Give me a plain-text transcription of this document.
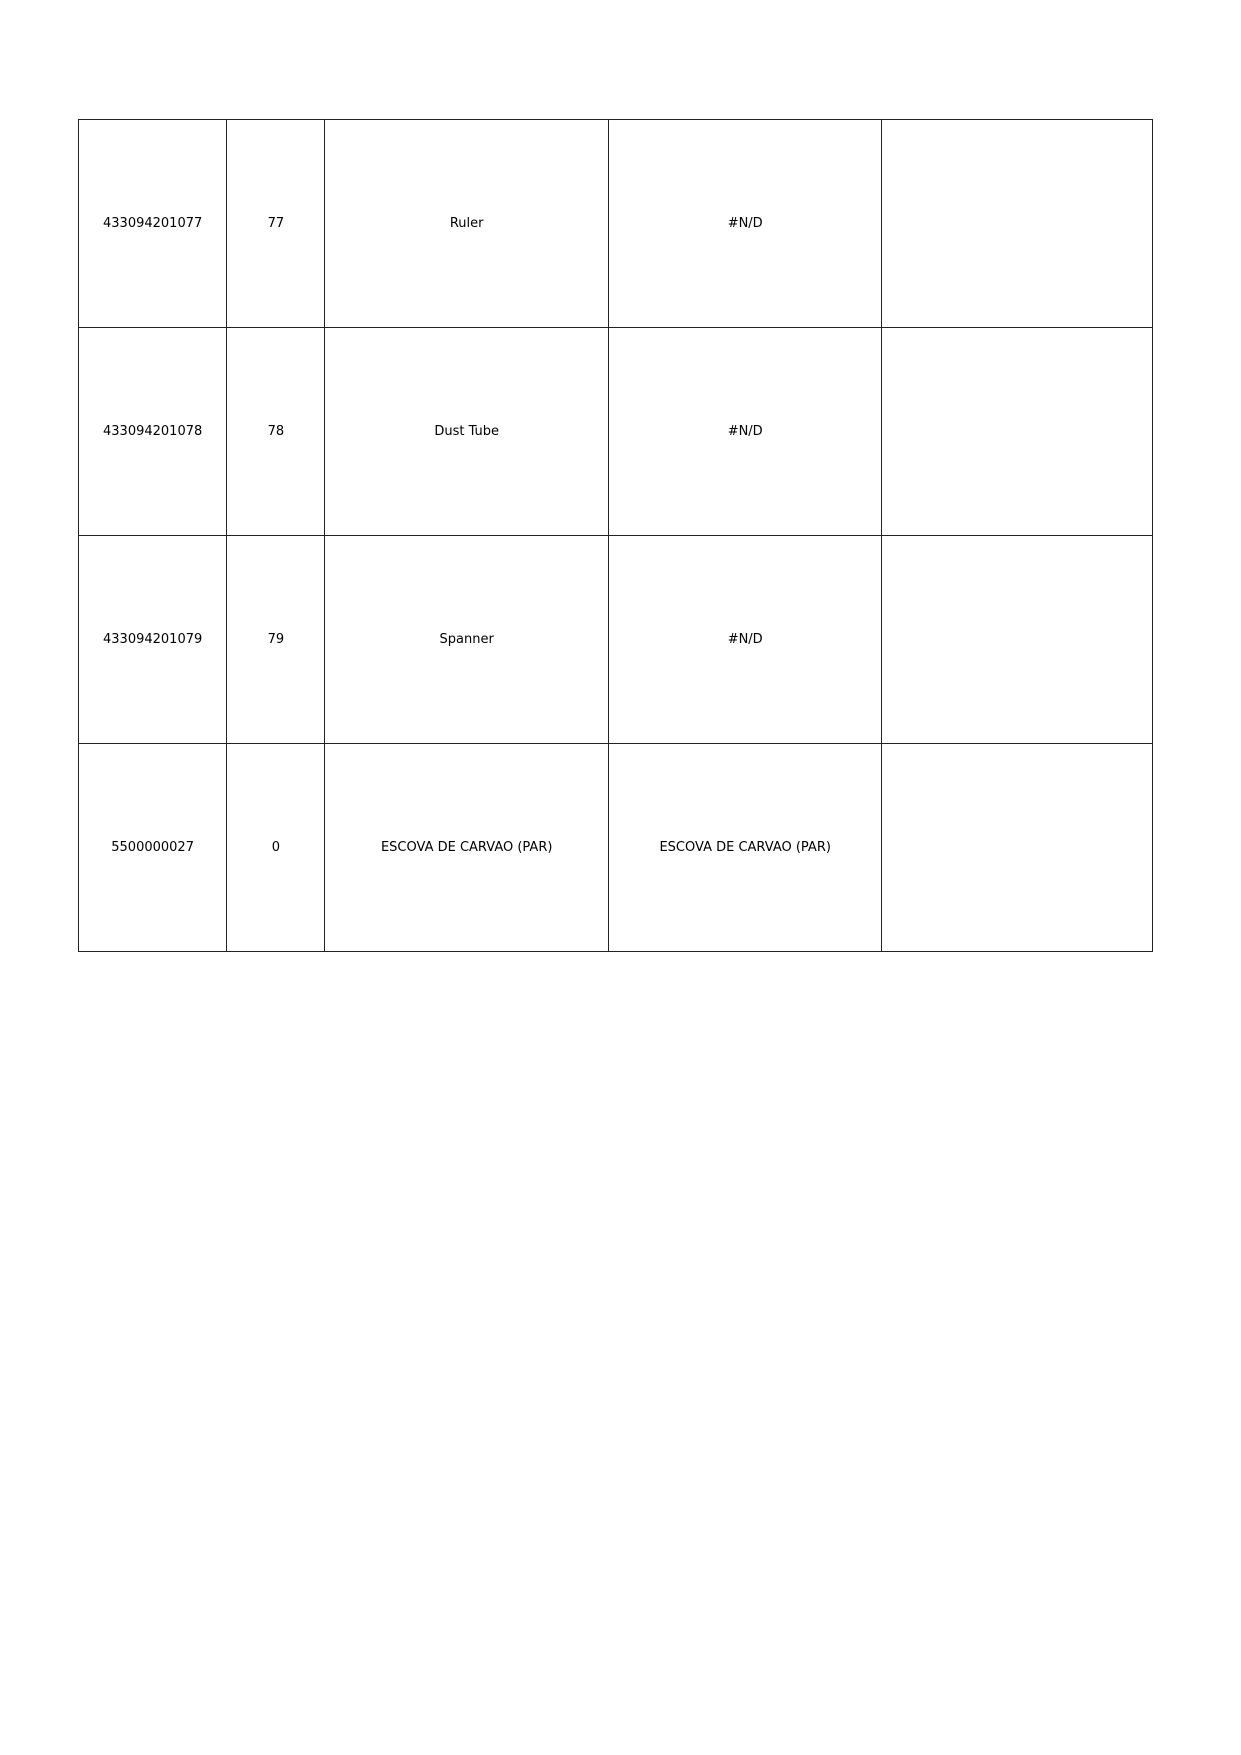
433094201077	77	Ruler	#N/D	
433094201078	78	Dust Tube	#N/D	
433094201079	79	Spanner	#N/D	
5500000027	0	ESCOVA DE CARVAO (PAR)	ESCOVA DE CARVAO (PAR)	
